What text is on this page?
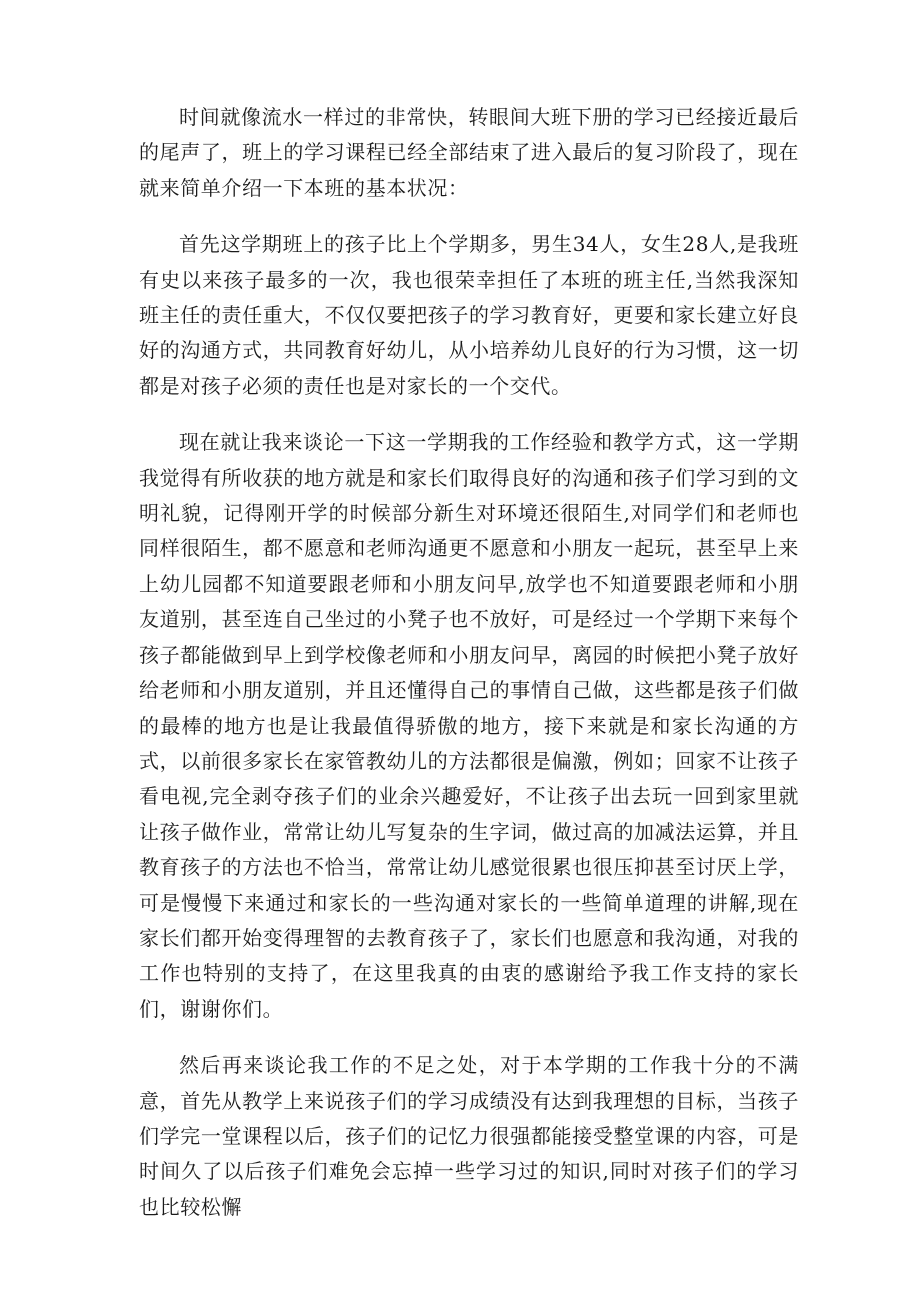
时间就像流水一样过的非常快，转眼间大班下册的学习已经接近最后的尾声了，班上的学习课程已经全部结束了进入最后的复习阶段了，现在就来简单介绍一下本班的基本状况：

首先这学期班上的孩子比上个学期多，男生34人，女生28人,是我班有史以来孩子最多的一次，我也很荣幸担任了本班的班主任,当然我深知班主任的责任重大，不仅仅要把孩子的学习教育好，更要和家长建立好良好的沟通方式，共同教育好幼儿，从小培养幼儿良好的行为习惯，这一切都是对孩子必须的责任也是对家长的一个交代。

现在就让我来谈论一下这一学期我的工作经验和教学方式，这一学期我觉得有所收获的地方就是和家长们取得良好的沟通和孩子们学习到的文明礼貌，记得刚开学的时候部分新生对环境还很陌生,对同学们和老师也同样很陌生，都不愿意和老师沟通更不愿意和小朋友一起玩，甚至早上来上幼儿园都不知道要跟老师和小朋友问早,放学也不知道要跟老师和小朋友道别，甚至连自己坐过的小凳子也不放好，可是经过一个学期下来每个孩子都能做到早上到学校像老师和小朋友问早，离园的时候把小凳子放好给老师和小朋友道别，并且还懂得自己的事情自己做，这些都是孩子们做的最棒的地方也是让我最值得骄傲的地方，接下来就是和家长沟通的方式，以前很多家长在家管教幼儿的方法都很是偏激，例如；回家不让孩子看电视,完全剥夺孩子们的业余兴趣爱好，不让孩子出去玩一回到家里就让孩子做作业，常常让幼儿写复杂的生字词，做过高的加减法运算，并且教育孩子的方法也不恰当，常常让幼儿感觉很累也很压抑甚至讨厌上学，可是慢慢下来通过和家长的一些沟通对家长的一些简单道理的讲解,现在家长们都开始变得理智的去教育孩子了，家长们也愿意和我沟通，对我的工作也特别的支持了，在这里我真的由衷的感谢给予我工作支持的家长们，谢谢你们。

然后再来谈论我工作的不足之处，对于本学期的工作我十分的不满意，首先从教学上来说孩子们的学习成绩没有达到我理想的目标，当孩子们学完一堂课程以后，孩子们的记忆力很强都能接受整堂课的内容，可是时间久了以后孩子们难免会忘掉一些学习过的知识,同时对孩子们的学习也比较松懈
